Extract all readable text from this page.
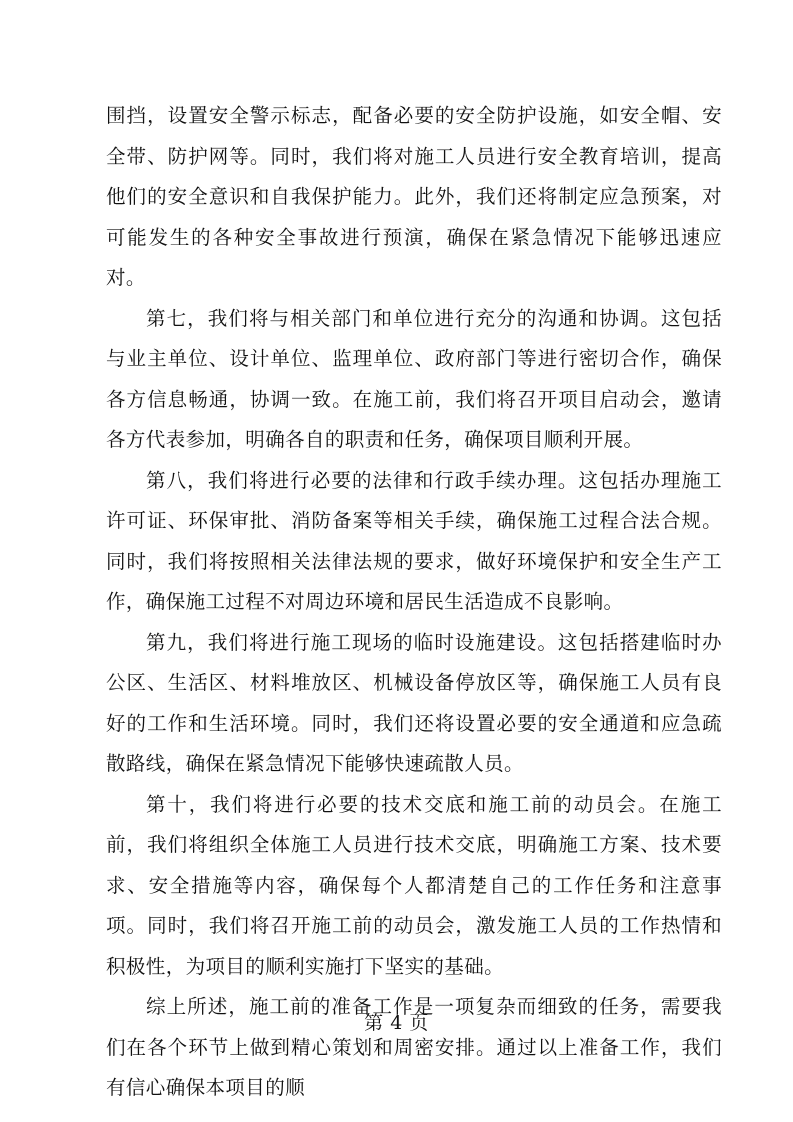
围挡，设置安全警示标志，配备必要的安全防护设施，如安全帽、安全带、防护网等。同时，我们将对施工人员进行安全教育培训，提高他们的安全意识和自我保护能力。此外，我们还将制定应急预案，对可能发生的各种安全事故进行预演，确保在紧急情况下能够迅速应对。

第七，我们将与相关部门和单位进行充分的沟通和协调。这包括与业主单位、设计单位、监理单位、政府部门等进行密切合作，确保各方信息畅通，协调一致。在施工前，我们将召开项目启动会，邀请各方代表参加，明确各自的职责和任务，确保项目顺利开展。

第八，我们将进行必要的法律和行政手续办理。这包括办理施工许可证、环保审批、消防备案等相关手续，确保施工过程合法合规。同时，我们将按照相关法律法规的要求，做好环境保护和安全生产工作，确保施工过程不对周边环境和居民生活造成不良影响。

第九，我们将进行施工现场的临时设施建设。这包括搭建临时办公区、生活区、材料堆放区、机械设备停放区等，确保施工人员有良好的工作和生活环境。同时，我们还将设置必要的安全通道和应急疏散路线，确保在紧急情况下能够快速疏散人员。

第十，我们将进行必要的技术交底和施工前的动员会。在施工前，我们将组织全体施工人员进行技术交底，明确施工方案、技术要求、安全措施等内容，确保每个人都清楚自己的工作任务和注意事项。同时，我们将召开施工前的动员会，激发施工人员的工作热情和积极性，为项目的顺利实施打下坚实的基础。

综上所述，施工前的准备工作是一项复杂而细致的任务，需要我们在各个环节上做到精心策划和周密安排。通过以上准备工作，我们有信心确保本项目的顺

第 4 页
